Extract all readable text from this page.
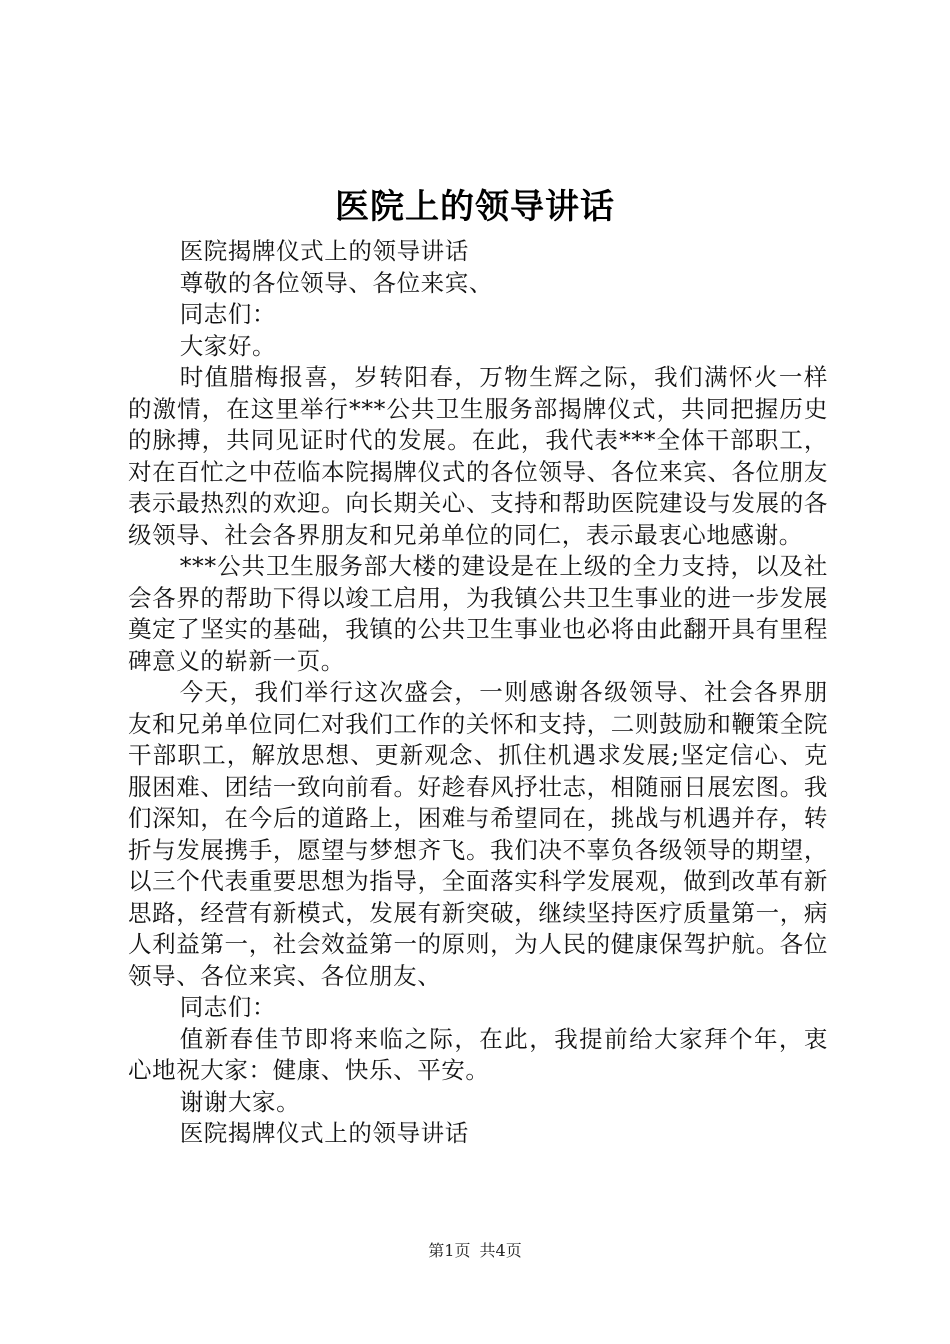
医院上的领导讲话

医院揭牌仪式上的领导讲话

尊敬的各位领导、各位来宾、

同志们：

大家好。

时值腊梅报喜，岁转阳春，万物生辉之际，我们满怀火一样的激情，在这里举行***公共卫生服务部揭牌仪式，共同把握历史的脉搏，共同见证时代的发展。在此，我代表***全体干部职工，对在百忙之中莅临本院揭牌仪式的各位领导、各位来宾、各位朋友表示最热烈的欢迎。向长期关心、支持和帮助医院建设与发展的各级领导、社会各界朋友和兄弟单位的同仁，表示最衷心地感谢。

***公共卫生服务部大楼的建设是在上级的全力支持，以及社会各界的帮助下得以竣工启用，为我镇公共卫生事业的进一步发展奠定了坚实的基础，我镇的公共卫生事业也必将由此翻开具有里程碑意义的崭新一页。

今天，我们举行这次盛会，一则感谢各级领导、社会各界朋友和兄弟单位同仁对我们工作的关怀和支持，二则鼓励和鞭策全院干部职工，解放思想、更新观念、抓住机遇求发展;坚定信心、克服困难、团结一致向前看。好趁春风抒壮志，相随丽日展宏图。我们深知，在今后的道路上，困难与希望同在，挑战与机遇并存，转折与发展携手，愿望与梦想齐飞。我们决不辜负各级领导的期望，以三个代表重要思想为指导，全面落实科学发展观，做到改革有新思路，经营有新模式，发展有新突破，继续坚持医疗质量第一，病人利益第一，社会效益第一的原则，为人民的健康保驾护航。各位领导、各位来宾、各位朋友、

同志们：

值新春佳节即将来临之际，在此，我提前给大家拜个年，衷心地祝大家：健康、快乐、平安。

谢谢大家。

医院揭牌仪式上的领导讲话

第1页 共4页
